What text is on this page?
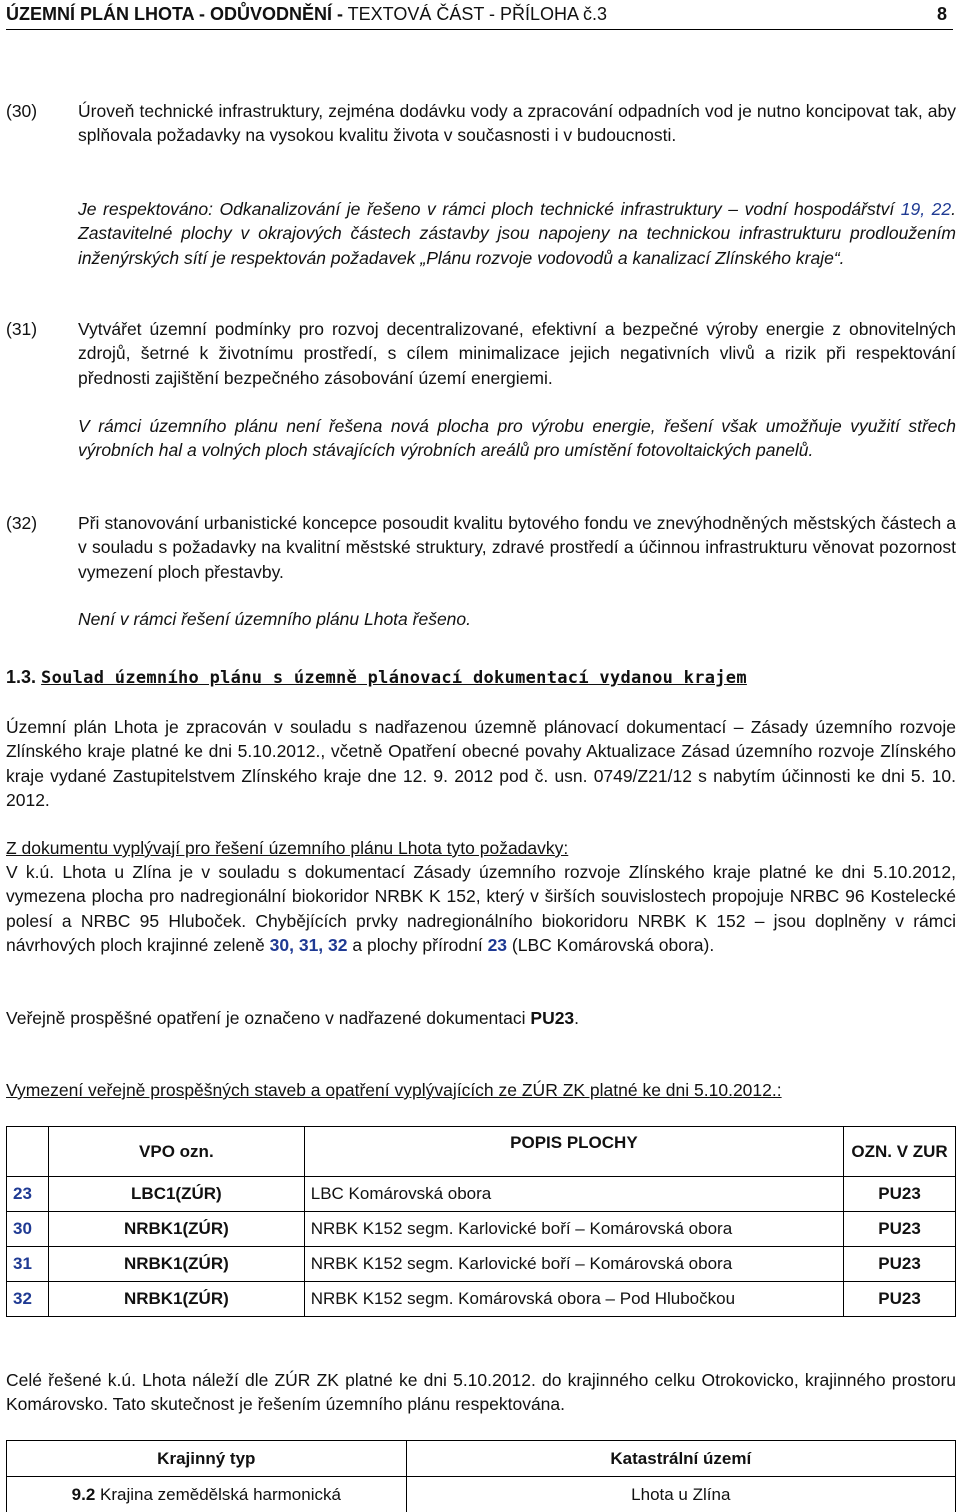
ÚZEMNÍ PLÁN LHOTA - ODŮVODNĚNÍ - TEXTOVÁ ČÁST - PŘÍLOHA č.3	8
(30) Úroveň technické infrastruktury, zejména dodávku vody a zpracování odpadních vod je nutno koncipovat tak, aby splňovala požadavky na vysokou kvalitu života v současnosti i v budoucnosti.
Je respektováno: Odkanalizování je řešeno v rámci ploch technické infrastruktury – vodní hospodářství 19, 22. Zastavitelné plochy v okrajových částech zástavby jsou napojeny na technickou infrastrukturu prodloužením inženýrských sítí je respektován požadavek „Plánu rozvoje vodovodů a kanalizací Zlínského kraje“.
(31) Vytvářet územní podmínky pro rozvoj decentralizované, efektivní a bezpečné výroby energie z obnovitelných zdrojů, šetrné k životnímu prostředí, s cílem minimalizace jejich negativních vlivů a rizik při respektování přednosti zajištění bezpečného zásobování území energiemi.
V rámci územního plánu není řešena nová plocha pro výrobu energie, řešení však umožňuje využití střech výrobních hal a volných ploch stávajících výrobních areálů pro umístění fotovoltaických panelů.
(32) Při stanovování urbanistické koncepce posoudit kvalitu bytového fondu ve znevýhodněných městských částech a v souladu s požadavky na kvalitní městské struktury, zdravé prostředí a účinnou infrastrukturu věnovat pozornost vymezení ploch přestavby.
Není v rámci řešení územního plánu Lhota řešeno.
1.3. Soulad územního plánu s územně plánovací dokumentací vydanou krajem
Územní plán Lhota je zpracován v souladu s nadřazenou územně plánovací dokumentací – Zásady územního rozvoje Zlínského kraje platné ke dni 5.10.2012., včetně Opatření obecné povahy Aktualizace Zásad územního rozvoje Zlínského kraje vydané Zastupitelstvem Zlínského kraje dne 12. 9. 2012 pod č. usn. 0749/Z21/12 s nabytím účinnosti ke dni 5. 10. 2012.
Z dokumentu vyplývají pro řešení územního plánu Lhota tyto požadavky:
V k.ú. Lhota u Zlína je v souladu s dokumentací Zásady územního rozvoje Zlínského kraje platné ke dni 5.10.2012, vymezena plocha pro nadregionální biokoridor NRBK K 152, který v širších souvislostech propojuje NRBC 96 Kostelecké polesí a NRBC 95 Hluboček. Chybějících prvky nadregionálního biokoridoru NRBK K 152 – jsou doplněny v rámci návrhových ploch krajinné zeleně 30, 31, 32 a plochy přírodní 23 (LBC Komárovská obora).
Veřejně prospěšné opatření je označeno v nadřazené dokumentaci PU23.
Vymezení veřejně prospěšných staveb a opatření vyplývajících ze ZÚR ZK platné ke dni 5.10.2012.:
	VPO ozn.	POPIS PLOCHY	OZN. V ZUR
23	LBC1(ZÚR)	LBC Komárovská obora	PU23
30	NRBK1(ZÚR)	NRBK K152 segm. Karlovické boří – Komárovská obora	PU23
31	NRBK1(ZÚR)	NRBK K152 segm. Karlovické boří – Komárovská obora	PU23
32	NRBK1(ZÚR)	NRBK K152 segm. Komárovská obora – Pod Hlubočkou	PU23
Celé řešené k.ú. Lhota náleží dle ZÚR ZK platné ke dni 5.10.2012. do krajinného celku Otrokovicko, krajinného prostoru Komárovsko. Tato skutečnost je řešením územního plánu respektována.
Krajinný typ	Katastrální území
9.2 Krajina zemědělská harmonická	Lhota u Zlína
